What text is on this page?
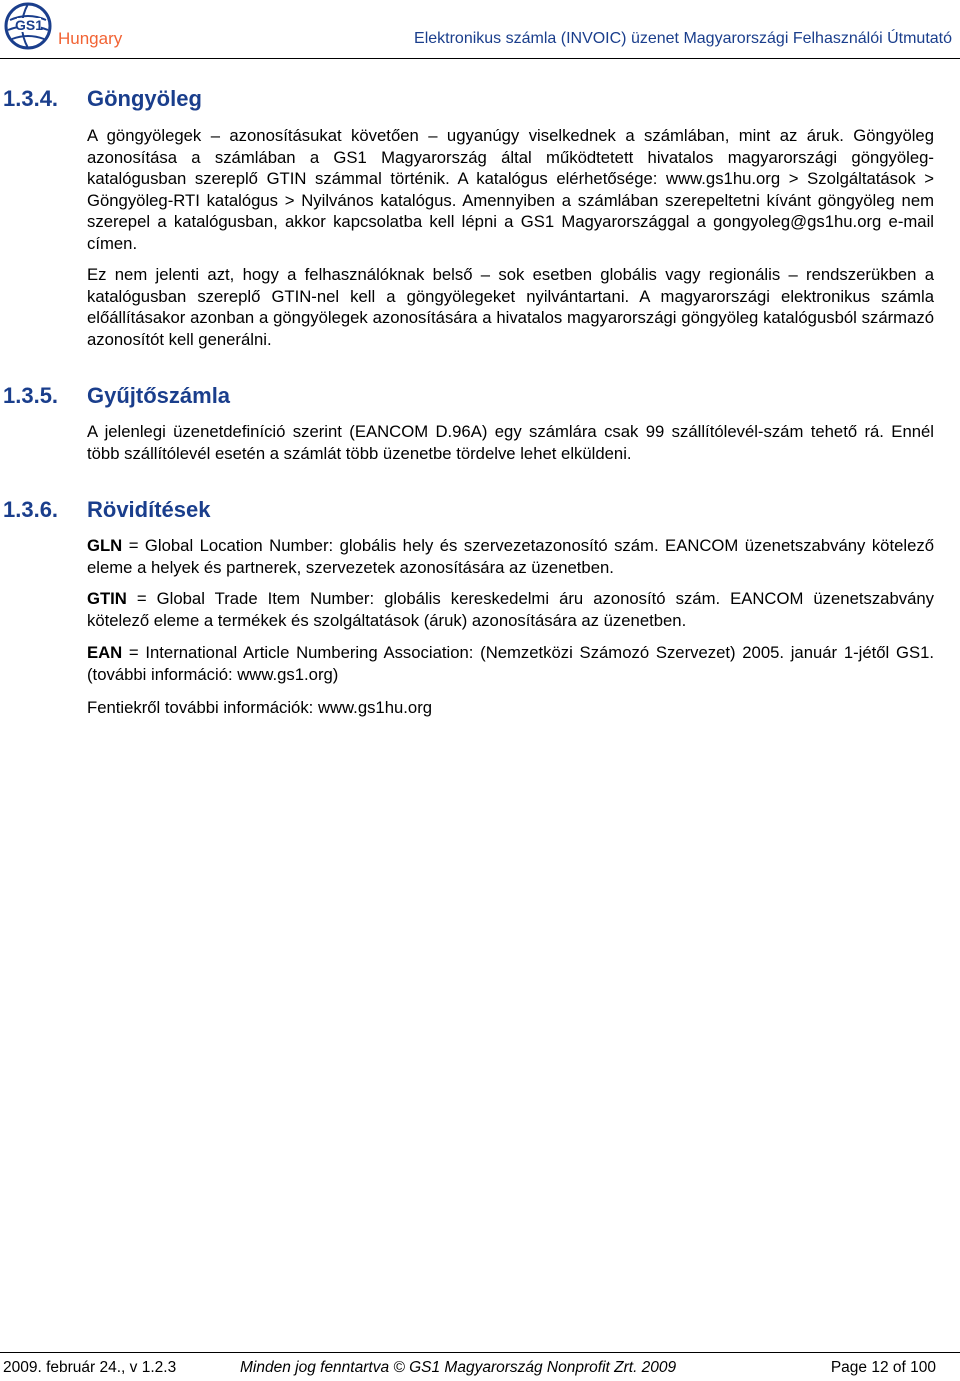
GS1
Hungary	Elektronikus számla (INVOIC) üzenet Magyarországi Felhasználói Útmutató
1.3.4. Göngyöleg

A göngyölegek – azonosításukat követően – ugyanúgy viselkednek a számlában, mint az áruk. Göngyöleg azonosítása a számlában a GS1 Magyarország által működtetett hivatalos magyarországi göngyöleg-katalógusban szereplő GTIN számmal történik. A katalógus elérhetősége: www.gs1hu.org > Szolgáltatások > Göngyöleg-RTI katalógus > Nyilvános katalógus. Amennyiben a számlában szerepeltetni kívánt göngyöleg nem szerepel a katalógusban, akkor kapcsolatba kell lépni a GS1 Magyarországgal a gongyoleg@gs1hu.org e-mail címen.

Ez nem jelenti azt, hogy a felhasználóknak belső – sok esetben globális vagy regionális – rendszerükben a katalógusban szereplő GTIN-nel kell a göngyölegeket nyilvántartani. A magyarországi elektronikus számla előállításakor azonban a göngyölegek azonosítására a hivatalos magyarországi göngyöleg katalógusból származó azonosítót kell generálni.

1.3.5. Gyűjtőszámla

A jelenlegi üzenetdefiníció szerint (EANCOM D.96A) egy számlára csak 99 szállítólevél-szám tehető rá. Ennél több szállítólevél esetén a számlát több üzenetbe tördelve lehet elküldeni.

1.3.6. Rövidítések

GLN = Global Location Number: globális hely és szervezetazonosító szám. EANCOM üzenetszabvány kötelező eleme a helyek és partnerek, szervezetek azonosítására az üzenetben.

GTIN = Global Trade Item Number: globális kereskedelmi áru azonosító szám. EANCOM üzenetszabvány kötelező eleme a termékek és szolgáltatások (áruk) azonosítására az üzenetben.

EAN = International Article Numbering Association: (Nemzetközi Számozó Szervezet) 2005. január 1-jétől GS1. (további információ: www.gs1.org)

Fentiekről további információk: www.gs1hu.org

2009. február 24., v 1.2.3	Minden jog fenntartva © GS1 Magyarország Nonprofit Zrt. 2009	Page 12 of 100
